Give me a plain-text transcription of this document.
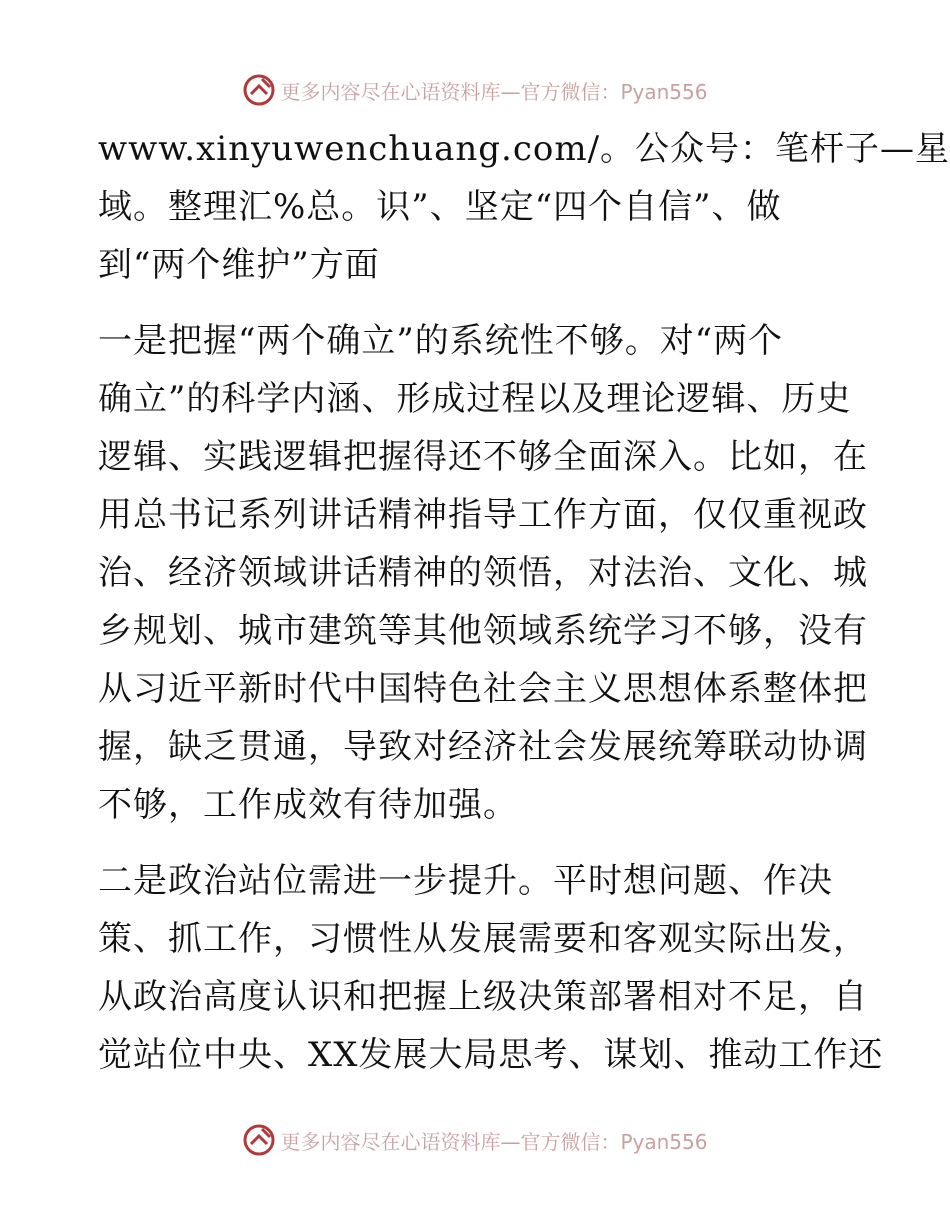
更多内容尽在心语资料库—官方微信：Pyan556
www.xinyuwenchuang.com/。公众号：笔杆子—星
域。整理汇%总。识”、坚定“四个自信”、做
到“两个维护”方面
一是把握“两个确立”的系统性不够。对“两个
确立”的科学内涵、形成过程以及理论逻辑、历史
逻辑、实践逻辑把握得还不够全面深入。比如，在
用总书记系列讲话精神指导工作方面，仅仅重视政
治、经济领域讲话精神的领悟，对法治、文化、城
乡规划、城市建筑等其他领域系统学习不够，没有
从习近平新时代中国特色社会主义思想体系整体把
握，缺乏贯通，导致对经济社会发展统筹联动协调
不够，工作成效有待加强。
二是政治站位需进一步提升。平时想问题、作决
策、抓工作，习惯性从发展需要和客观实际出发，
从政治高度认识和把握上级决策部署相对不足，自
觉站位中央、XX发展大局思考、谋划、推动工作还
更多内容尽在心语资料库—官方微信：Pyan556
